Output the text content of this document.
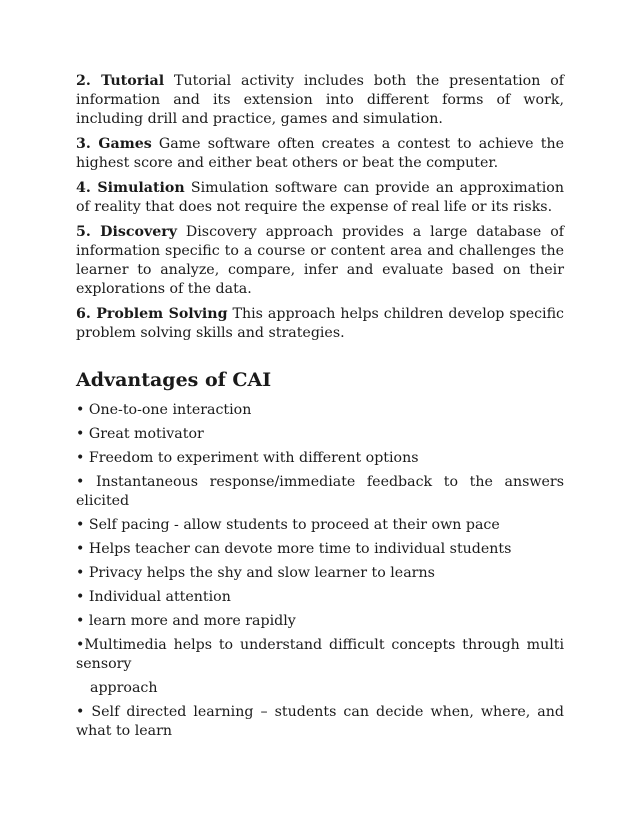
2. Tutorial Tutorial activity includes both the presentation of information and its extension into different forms of work, including drill and practice, games and simulation.

3. Games Game software often creates a contest to achieve the highest score and either beat others or beat the computer.

4. Simulation Simulation software can provide an approximation of reality that does not require the expense of real life or its risks.

5. Discovery Discovery approach provides a large database of information specific to a course or content area and challenges the learner to analyze, compare, infer and evaluate based on their explorations of the data.

6. Problem Solving This approach helps children develop specific problem solving skills and strategies.

Advantages of CAI
• One-to-one interaction
• Great motivator
• Freedom to experiment with different options
• Instantaneous response/immediate feedback to the answers elicited
• Self pacing - allow students to proceed at their own pace
• Helps teacher can devote more time to individual students
• Privacy helps the shy and slow learner to learns
• Individual attention
• learn more and more rapidly
•Multimedia helps to understand difficult concepts through multi sensory
approach
• Self directed learning – students can decide when, where, and what to learn
